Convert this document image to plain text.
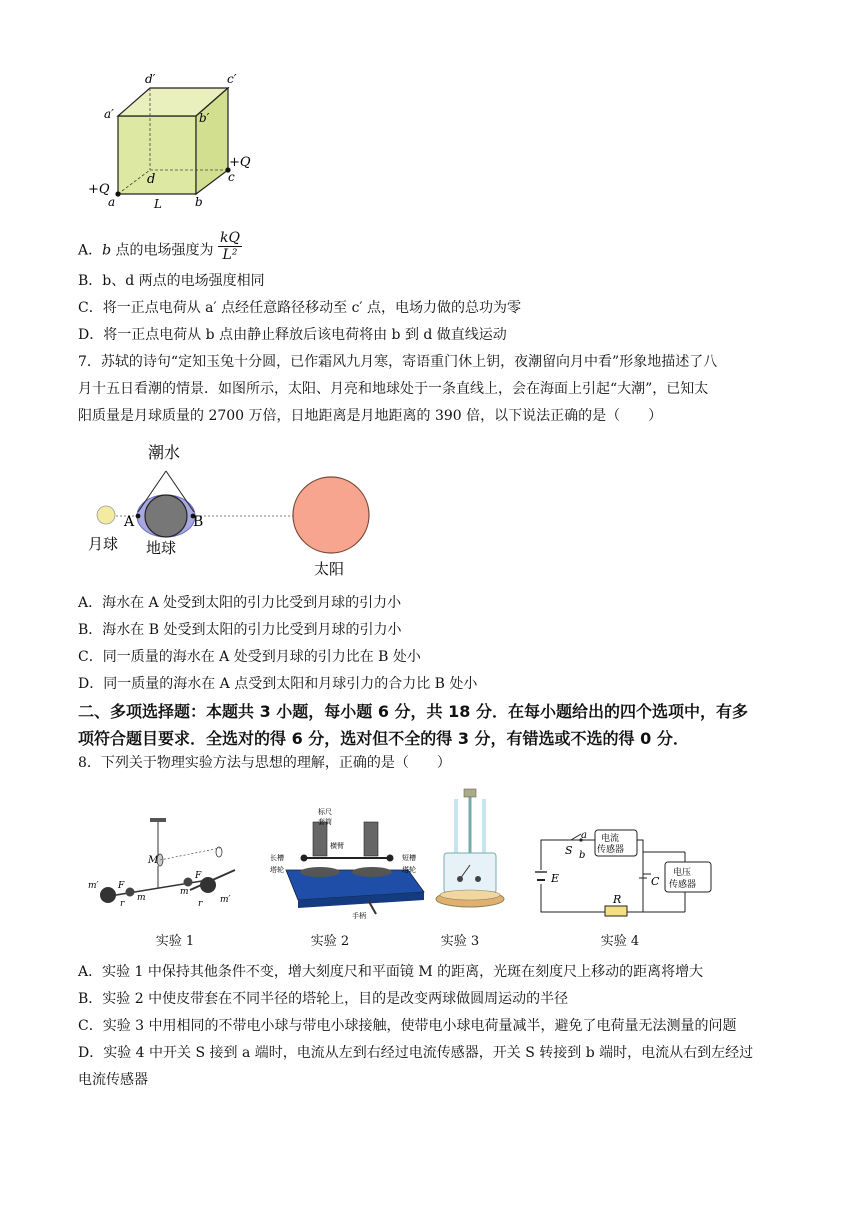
d′	c′
a′	b′
+Q
c
d
+Q
a	L	b
A．b 点的电场强度为 $\frac{kQ}{\text{L²}}$
B．b、d 两点的电场强度相同
C．将一正点电荷从 a′ 点经任意路径移动至 c′ 点，电场力做的总功为零
D．将一正点电荷从 b 点由静止释放后该电荷将由 b 到 d 做直线运动
7．苏轼的诗句“定知玉兔十分圆，已作霜风九月寒，寄语重门休上钥，夜潮留向月中看”形象地描述了八
月十五日看潮的情景．如图所示，太阳、月亮和地球处于一条直线上，会在海面上引起“大潮”，已知太
阳质量是月球质量的 2700 万倍，日地距离是月地距离的 390 倍，以下说法正确的是（　　）
潮水
A	B
月球 地球
太阳
A．海水在 A 处受到太阳的引力比受到月球的引力小
B．海水在 B 处受到太阳的引力比受到月球的引力小
C．同一质量的海水在 A 处受到月球的引力比在 B 处小
D．同一质量的海水在 A 点受到太阳和月球引力的合力比 B 处小
二、多项选择题：本题共 3 小题，每小题 6 分，共 18 分．在每小题给出的四个选项中，有多
项符合题目要求．全选对的得 6 分，选对但不全的得 3 分，有错选或不选的得 0 分．
8．下列关于物理实验方法与思想的理解，正确的是（　　）
M
m′ F
m
r
m
F
r m′
实验 1
标尺
套筒
横臂
长槽
塔轮
短槽
塔轮
手柄
实验 2	实验 3
E
a
S b
电流
传感器
C
电压
传感器
R
实验 4
A．实验 1 中保持其他条件不变，增大刻度尺和平面镜 M 的距离，光斑在刻度尺上移动的距离将增大
B．实验 2 中使皮带套在不同半径的塔轮上，目的是改变两球做圆周运动的半径
C．实验 3 中用相同的不带电小球与带电小球接触，使带电小球电荷量减半，避免了电荷量无法测量的问题
D．实验 4 中开关 S 接到 a 端时，电流从左到右经过电流传感器，开关 S 转接到 b 端时，电流从右到左经过
电流传感器
